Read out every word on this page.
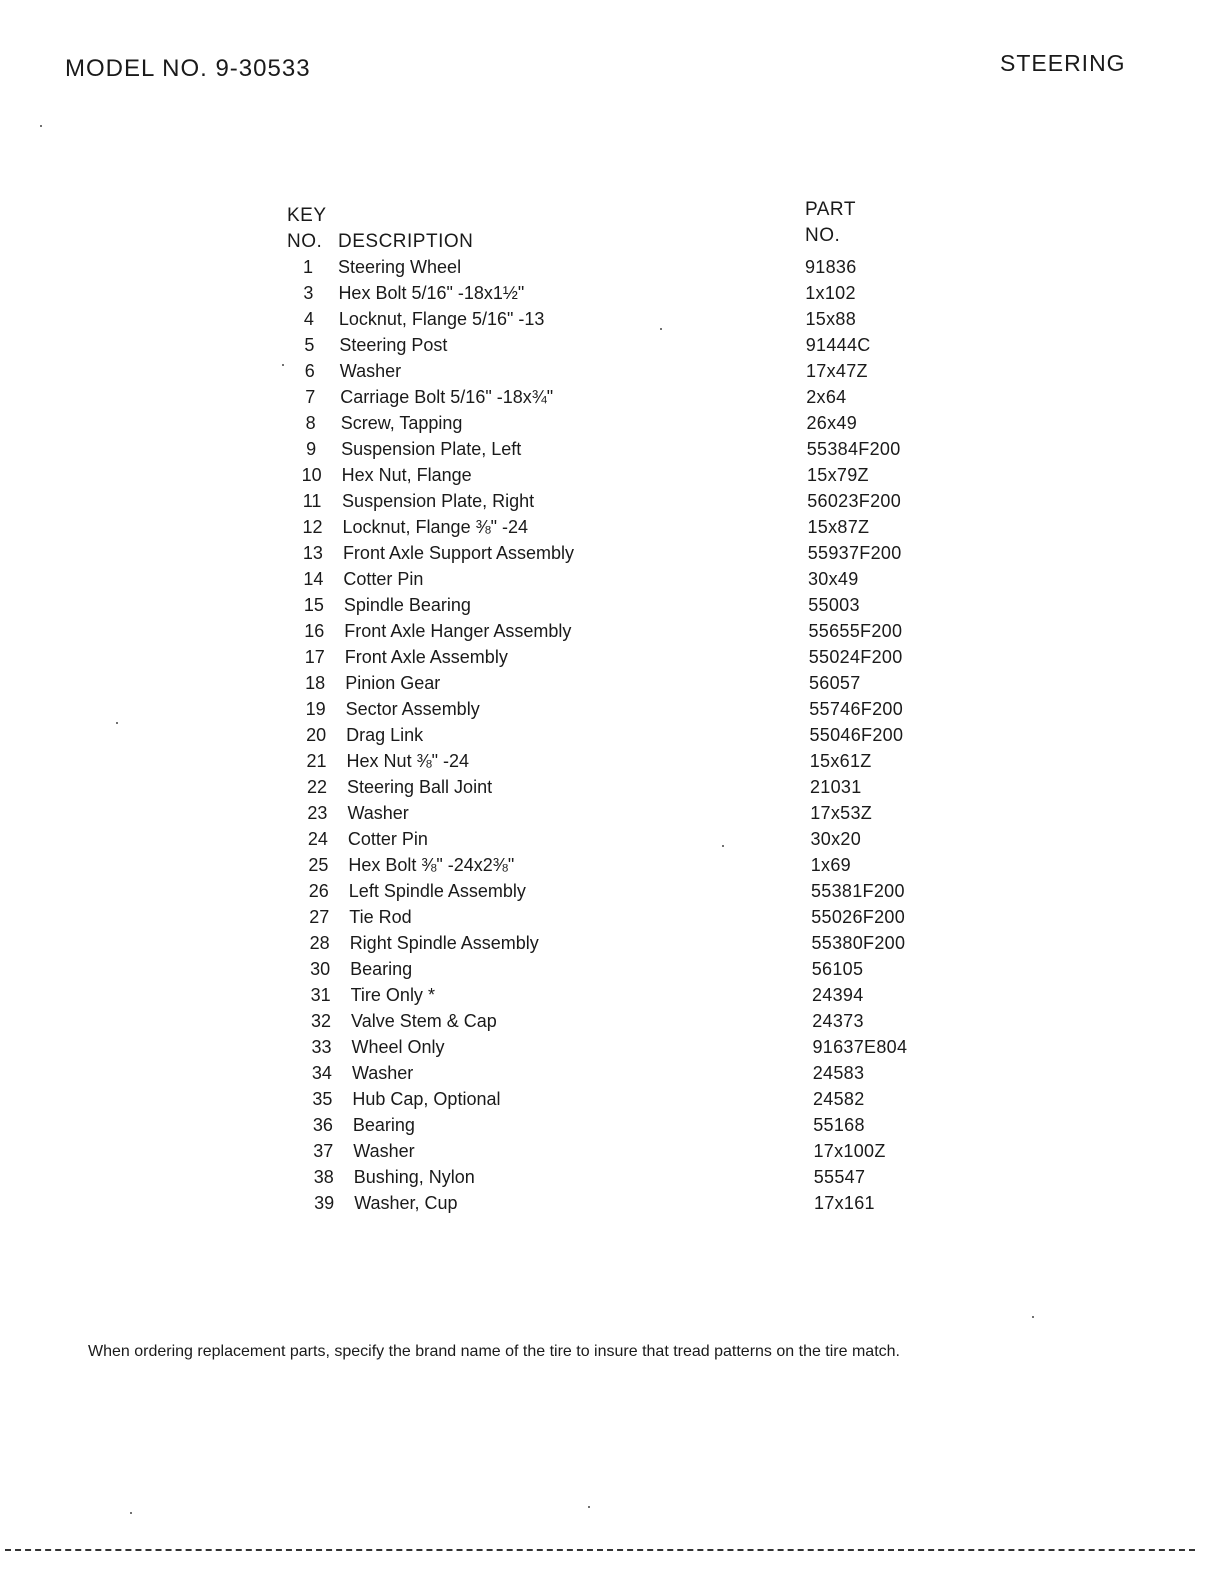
MODEL NO. 9-30533	STEERING
KEY
NO. DESCRIPTION
PART
NO.
1	Steering Wheel	91836
3	Hex Bolt 5/16" -18x1½"	1x102
4	Locknut, Flange 5/16" -13	15x88
5	Steering Post	91444C
6	Washer	17x47Z
7	Carriage Bolt 5/16" -18x¾"	2x64
8	Screw, Tapping	26x49
9	Suspension Plate, Left	55384F200
10	Hex Nut, Flange	15x79Z
11	Suspension Plate, Right	56023F200
12	Locknut, Flange ⅜" -24	15x87Z
13	Front Axle Support Assembly	55937F200
14	Cotter Pin	30x49
15	Spindle Bearing	55003
16	Front Axle Hanger Assembly	55655F200
17	Front Axle Assembly	55024F200
18	Pinion Gear	56057
19	Sector Assembly	55746F200
20	Drag Link	55046F200
21	Hex Nut ⅜" -24	15x61Z
22	Steering Ball Joint	21031
23	Washer	17x53Z
24	Cotter Pin	30x20
25	Hex Bolt ⅜" -24x2⅜"	1x69
26	Left Spindle Assembly	55381F200
27	Tie Rod	55026F200
28	Right Spindle Assembly	55380F200
30	Bearing	56105
31	Tire Only *	24394
32	Valve Stem & Cap	24373
33	Wheel Only	91637E804
34	Washer	24583
35	Hub Cap, Optional	24582
36	Bearing	55168
37	Washer	17x100Z
38	Bushing, Nylon	55547
39	Washer, Cup	17x161
When ordering replacement parts, specify the brand name of the tire to insure that tread patterns on the tire match.
